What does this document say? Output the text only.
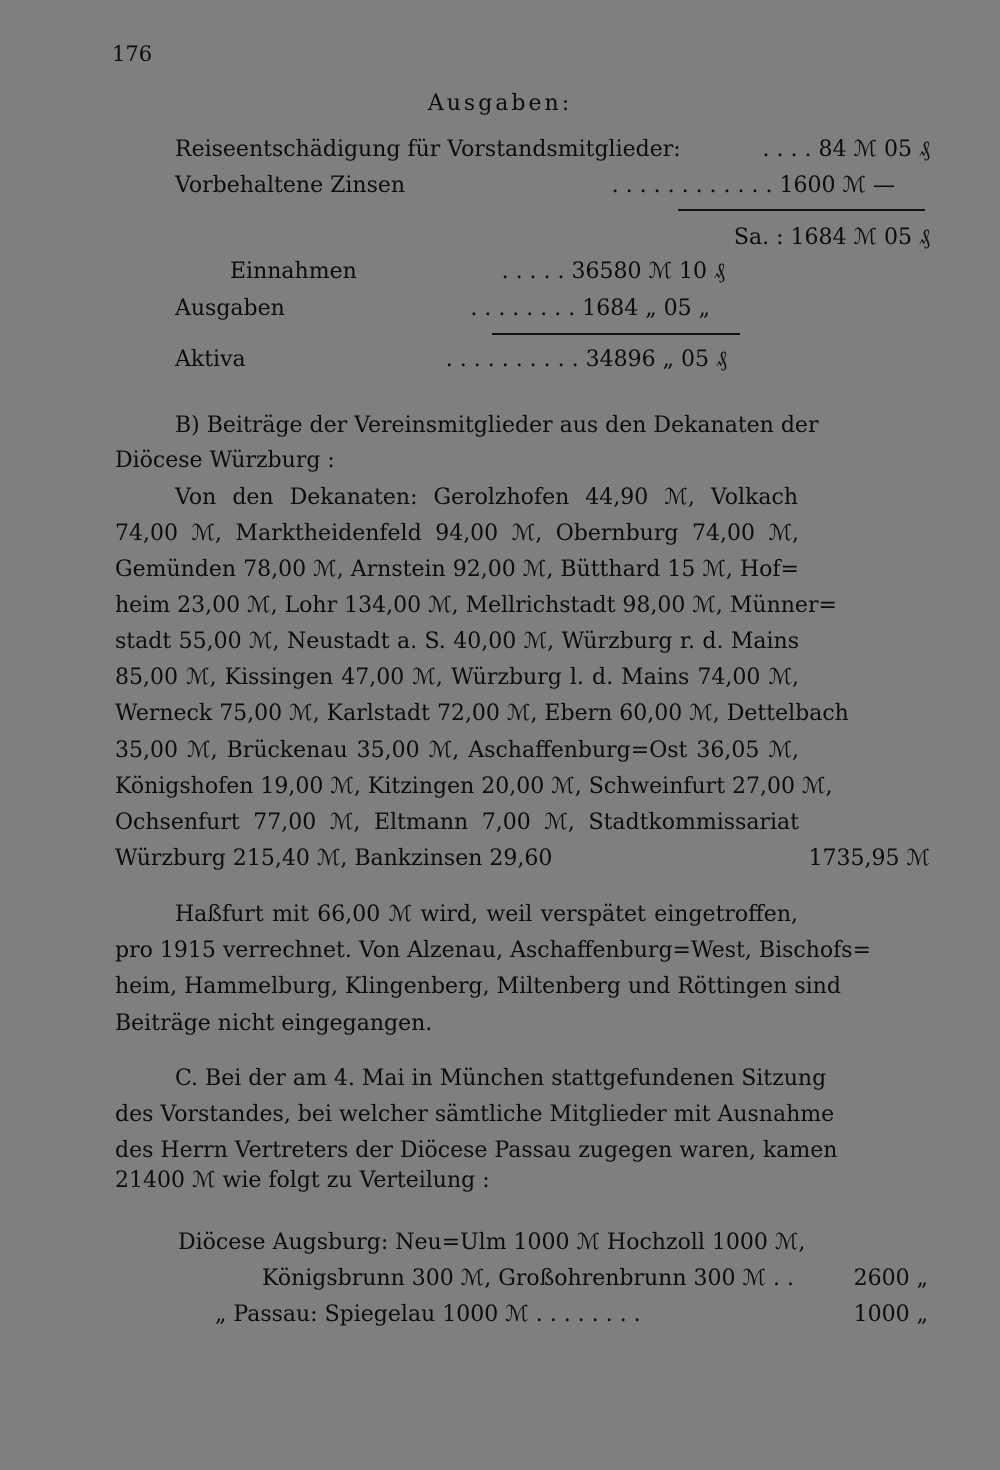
176
Ausgaben:
Reiseentschädigung für Vorstandsmitglieder:	. . . . 84 ℳ 05 ₰
Vorbehaltene Zinsen	. . . . . . . . . . . . 1600 ℳ —
Sa. : 1684 ℳ 05 ₰
Einnahmen	. . . . . 36580 ℳ 10 ₰
Ausgaben	. . . . . . . . 1684 „ 05 „
Aktiva	. . . . . . . . . . 34896 „ 05 ₰
B) Beiträge der Vereinsmitglieder aus den Dekanaten der
Diöcese Würzburg :
Von den Dekanaten: Gerolzhofen 44,90 ℳ, Volkach
74,00 ℳ, Marktheidenfeld 94,00 ℳ, Obernburg 74,00 ℳ,
Gemünden 78,00 ℳ, Arnstein 92,00 ℳ, Bütthard 15 ℳ, Hof=
heim 23,00 ℳ, Lohr 134,00 ℳ, Mellrichstadt 98,00 ℳ, Münner=
stadt 55,00 ℳ, Neustadt a. S. 40,00 ℳ, Würzburg r. d. Mains
85,00 ℳ, Kissingen 47,00 ℳ, Würzburg l. d. Mains 74,00 ℳ,
Werneck 75,00 ℳ, Karlstadt 72,00 ℳ, Ebern 60,00 ℳ, Dettelbach
35,00 ℳ, Brückenau 35,00 ℳ, Aschaffenburg=Ost 36,05 ℳ,
Königshofen 19,00 ℳ, Kitzingen 20,00 ℳ, Schweinfurt 27,00 ℳ,
Ochsenfurt 77,00 ℳ, Eltmann 7,00 ℳ, Stadtkommissariat
Würzburg 215,40 ℳ, Bankzinsen 29,60	1735,95 ℳ
Haßfurt mit 66,00 ℳ wird, weil verspätet eingetroffen,
pro 1915 verrechnet. Von Alzenau, Aschaffenburg=West, Bischofs=
heim, Hammelburg, Klingenberg, Miltenberg und Röttingen sind
Beiträge nicht eingegangen.
C. Bei der am 4. Mai in München stattgefundenen Sitzung
des Vorstandes, bei welcher sämtliche Mitglieder mit Ausnahme
des Herrn Vertreters der Diöcese Passau zugegen waren, kamen
21400 ℳ wie folgt zu Verteilung :
Diöcese Augsburg: Neu=Ulm 1000 ℳ Hochzoll 1000 ℳ,
Königsbrunn 300 ℳ, Großohrenbrunn 300 ℳ . .	2600 „
„ Passau: Spiegelau 1000 ℳ . . . . . . . .	1000 „
